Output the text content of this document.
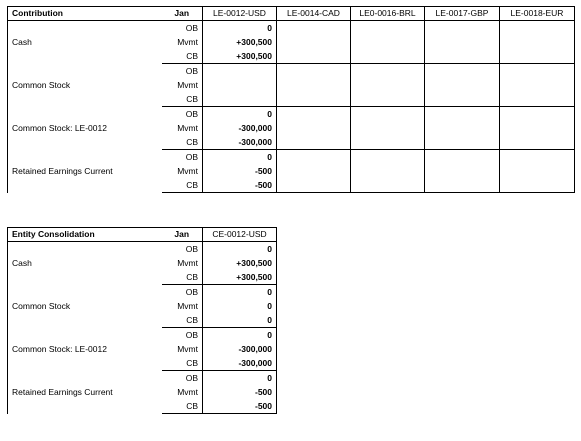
Contribution	Jan	LE-0012-USD	LE-0014-CAD	LE0-0016-BRL	LE-0017-GBP	LE-0018-EUR
Cash	OB	0				
	Mvmt	+300,500				
	CB	+300,500				
Common Stock	OB					
	Mvmt					
	CB					
Common Stock: LE-0012	OB	0				
	Mvmt	-300,000				
	CB	-300,000				
Retained Earnings Current	OB	0				
	Mvmt	-500				
	CB	-500				
Entity Consolidation	Jan	CE-0012-USD
Cash	OB	0
	Mvmt	+300,500
	CB	+300,500
Common Stock	OB	0
	Mvmt	0
	CB	0
Common Stock: LE-0012	OB	0
	Mvmt	-300,000
	CB	-300,000
Retained Earnings Current	OB	0
	Mvmt	-500
	CB	-500
